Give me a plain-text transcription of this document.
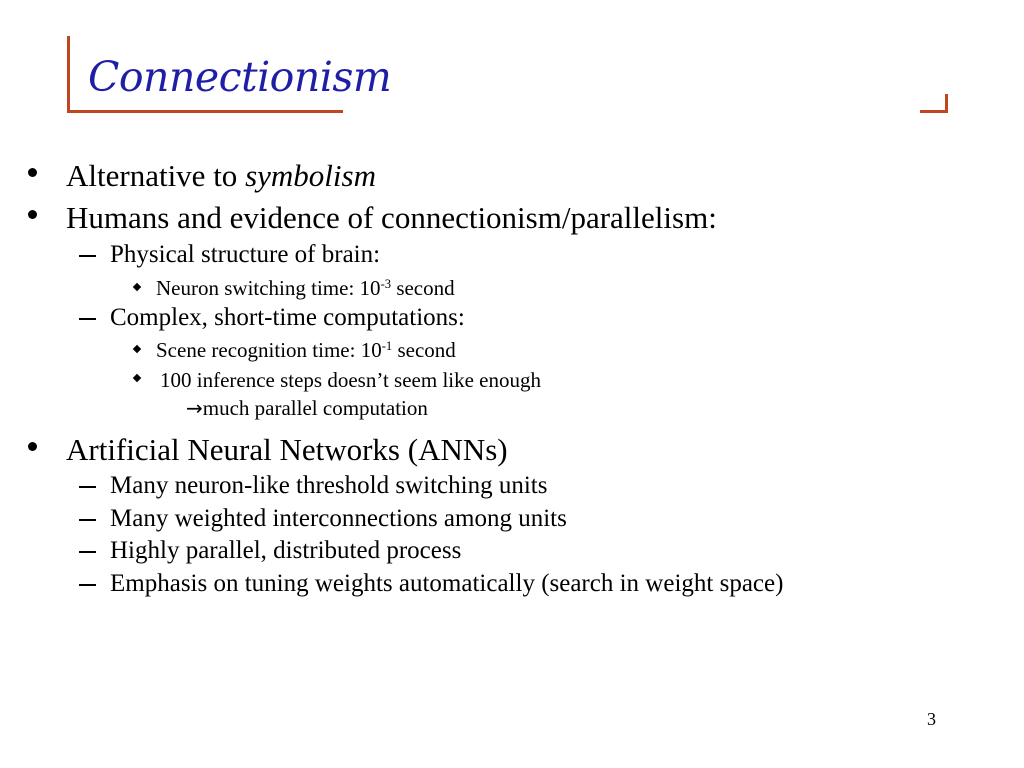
Connectionism
Alternative to symbolism
Humans and evidence of connectionism/parallelism:
Physical structure of brain:
Neuron switching time: $10^{-3}$ second
Complex, short-time computations:
Scene recognition time: $10^{-1}$ second
100 inference steps doesn’t seem like enough
→much parallel computation
Artificial Neural Networks (ANNs)
Many neuron-like threshold switching units
Many weighted interconnections among units
Highly parallel, distributed process
Emphasis on tuning weights automatically (search in weight space)
3
